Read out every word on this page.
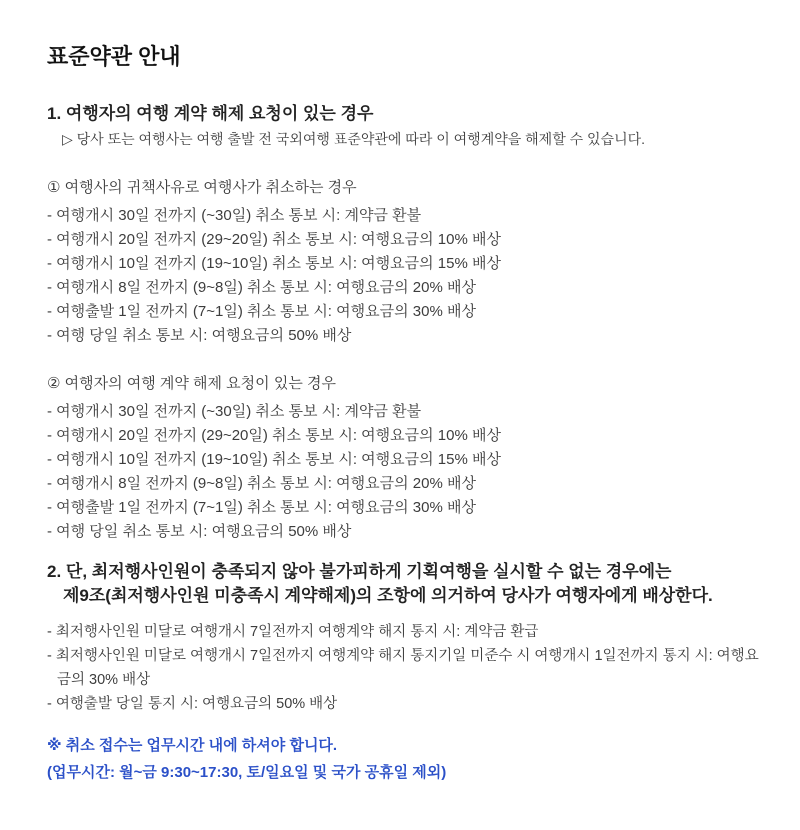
표준약관 안내
1. 여행자의 여행 계약 해제 요청이 있는 경우

▷ 당사 또는 여행사는 여행 출발 전 국외여행 표준약관에 따라 이 여행계약을 해제할 수 있습니다.

① 여행사의 귀책사유로 여행사가 취소하는 경우

- 여행개시 30일 전까지 (~30일) 취소 통보 시: 계약금 환불

- 여행개시 20일 전까지 (29~20일) 취소 통보 시: 여행요금의 10% 배상

- 여행개시 10일 전까지 (19~10일) 취소 통보 시: 여행요금의 15% 배상

- 여행개시 8일 전까지 (9~8일) 취소 통보 시: 여행요금의 20% 배상

- 여행출발 1일 전까지 (7~1일) 취소 통보 시: 여행요금의 30% 배상

- 여행 당일 취소 통보 시: 여행요금의 50% 배상

② 여행자의 여행 계약 해제 요청이 있는 경우

- 여행개시 30일 전까지 (~30일) 취소 통보 시: 계약금 환불

- 여행개시 20일 전까지 (29~20일) 취소 통보 시: 여행요금의 10% 배상

- 여행개시 10일 전까지 (19~10일) 취소 통보 시: 여행요금의 15% 배상

- 여행개시 8일 전까지 (9~8일) 취소 통보 시: 여행요금의 20% 배상

- 여행출발 1일 전까지 (7~1일) 취소 통보 시: 여행요금의 30% 배상

- 여행 당일 취소 통보 시: 여행요금의 50% 배상

2. 단, 최저행사인원이 충족되지 않아 불가피하게 기획여행을 실시할 수 없는 경우에는
제9조(최저행사인원 미충족시 계약해제)의 조항에 의거하여 당사가 여행자에게 배상한다.

- 최저행사인원 미달로 여행개시 7일전까지 여행계약 해지 통지 시: 계약금 환급

- 최저행사인원 미달로 여행개시 7일전까지 여행계약 해지 통지기일 미준수 시 여행개시 1일전까지 통지 시: 여행요금의 30% 배상

- 여행출발 당일 통지 시: 여행요금의 50% 배상

※ 취소 접수는 업무시간 내에 하셔야 합니다.

(업무시간: 월~금 9:30~17:30, 토/일요일 및 국가 공휴일 제외)
